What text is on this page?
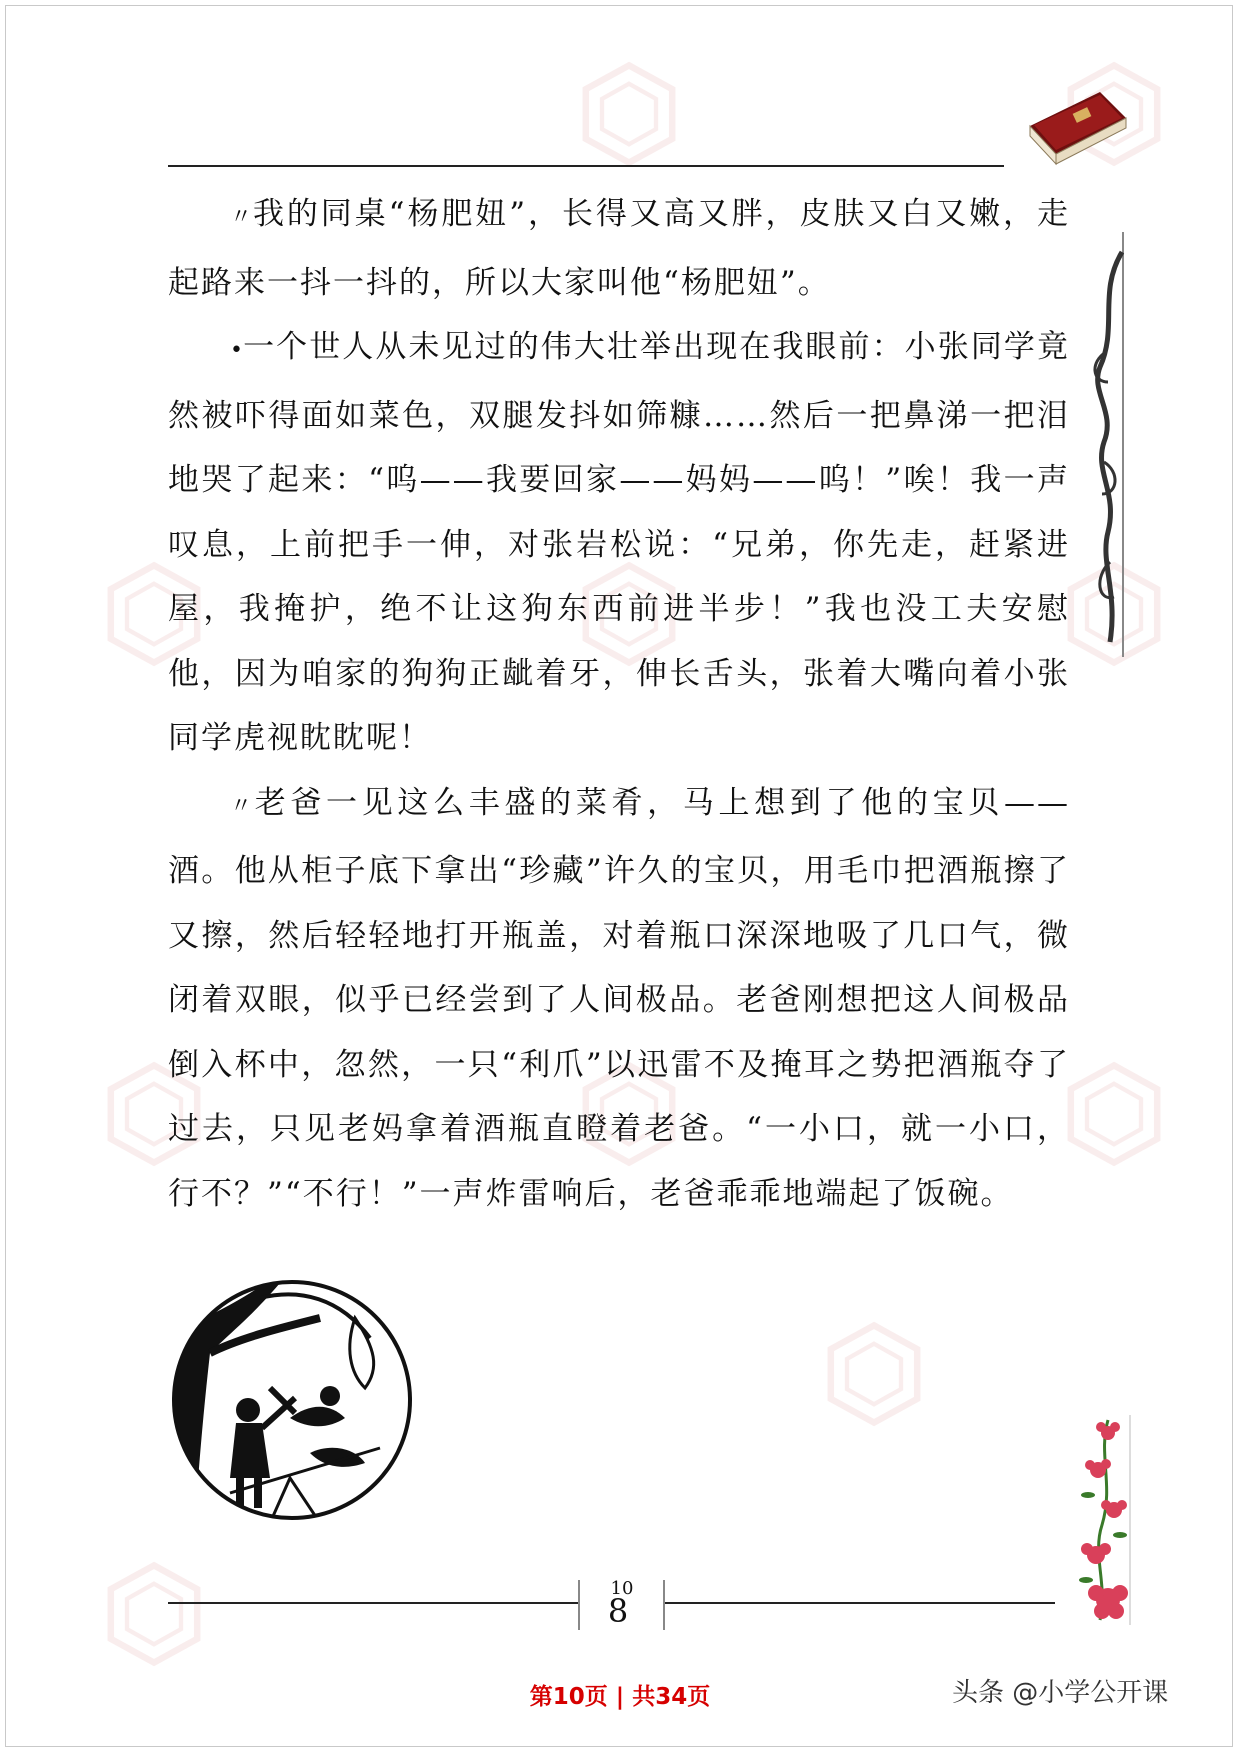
〃我的同桌“杨肥妞”，长得又高又胖，皮肤又白又嫩，走起路来一抖一抖的，所以大家叫他“杨肥妞”。

•一个世人从未见过的伟大壮举出现在我眼前：小张同学竟然被吓得面如菜色，双腿发抖如筛糠……然后一把鼻涕一把泪地哭了起来：“呜——我要回家——妈妈——呜！”唉！我一声叹息，上前把手一伸，对张岩松说：“兄弟，你先走，赶紧进屋，我掩护，绝不让这狗东西前进半步！”我也没工夫安慰他，因为咱家的狗狗正龇着牙，伸长舌头，张着大嘴向着小张同学虎视眈眈呢！

〃老爸一见这么丰盛的菜肴，马上想到了他的宝贝——酒。他从柜子底下拿出“珍藏”许久的宝贝，用毛巾把酒瓶擦了又擦，然后轻轻地打开瓶盖，对着瓶口深深地吸了几口气，微闭着双眼，似乎已经尝到了人间极品。老爸刚想把这人间极品倒入杯中，忽然，一只“利爪”以迅雷不及掩耳之势把酒瓶夺了过去，只见老妈拿着酒瓶直瞪着老爸。“一小口，就一小口，行不？”“不行！”一声炸雷响后，老爸乖乖地端起了饭碗。

10
8
第10页 | 共34页	头条 @小学公开课
